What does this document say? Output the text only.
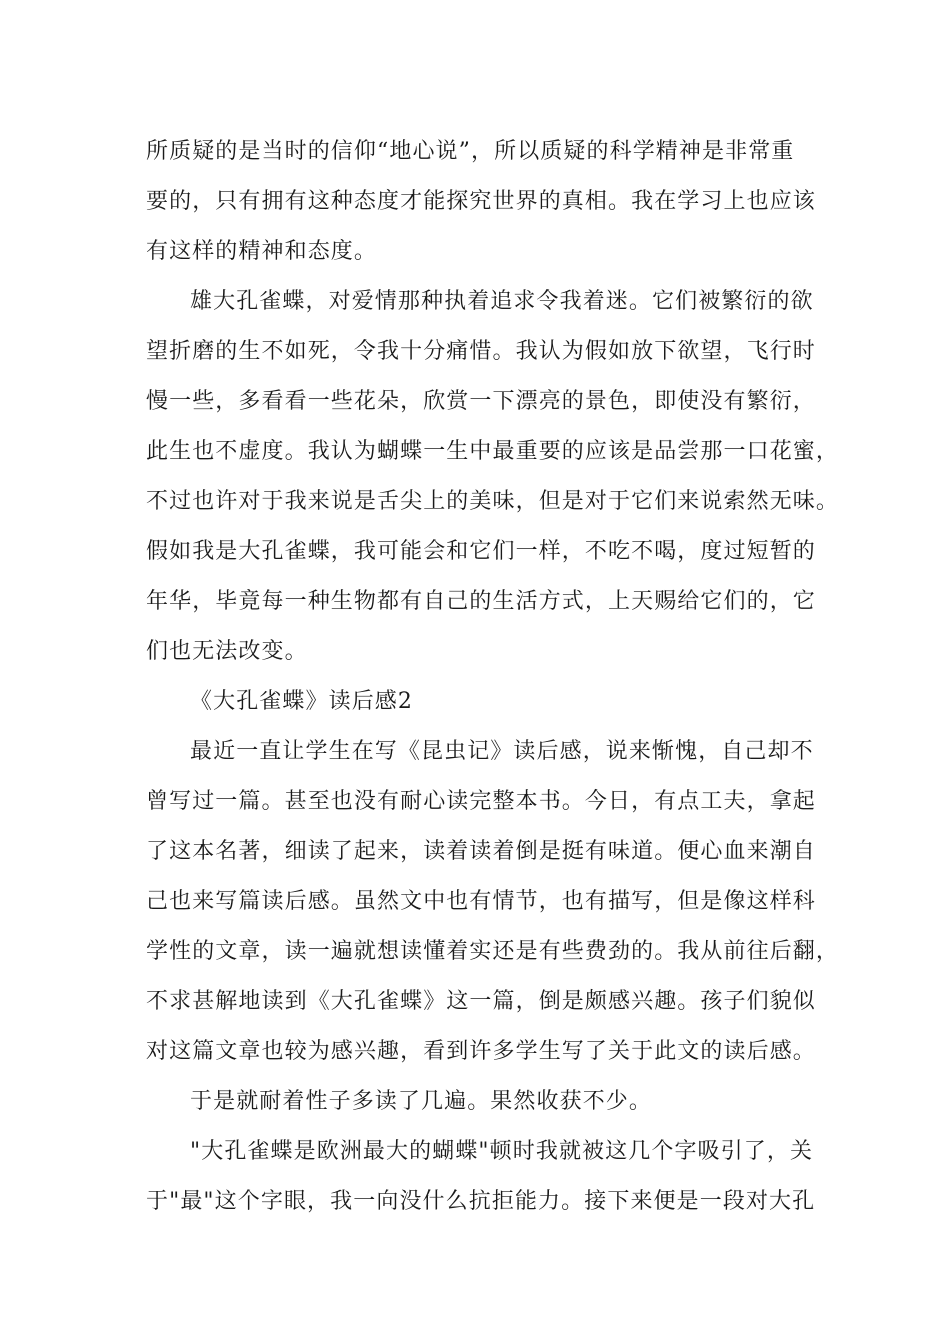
所质疑的是当时的信仰“地心说”，所以质疑的科学精神是非常重
要的，只有拥有这种态度才能探究世界的真相。我在学习上也应该
有这样的精神和态度。
雄大孔雀蝶，对爱情那种执着追求令我着迷。它们被繁衍的欲
望折磨的生不如死，令我十分痛惜。我认为假如放下欲望，飞行时
慢一些，多看看一些花朵，欣赏一下漂亮的景色，即使没有繁衍，
此生也不虚度。我认为蝴蝶一生中最重要的应该是品尝那一口花蜜，
不过也许对于我来说是舌尖上的美味，但是对于它们来说索然无味。
假如我是大孔雀蝶，我可能会和它们一样，不吃不喝，度过短暂的
年华，毕竟每一种生物都有自己的生活方式，上天赐给它们的，它
们也无法改变。
《大孔雀蝶》读后感2
最近一直让学生在写《昆虫记》读后感，说来惭愧，自己却不
曾写过一篇。甚至也没有耐心读完整本书。今日，有点工夫，拿起
了这本名著，细读了起来，读着读着倒是挺有味道。便心血来潮自
己也来写篇读后感。虽然文中也有情节，也有描写，但是像这样科
学性的文章，读一遍就想读懂着实还是有些费劲的。我从前往后翻，
不求甚解地读到《大孔雀蝶》这一篇，倒是颇感兴趣。孩子们貌似
对这篇文章也较为感兴趣，看到许多学生写了关于此文的读后感。
于是就耐着性子多读了几遍。果然收获不少。
"大孔雀蝶是欧洲最大的蝴蝶"顿时我就被这几个字吸引了，关
于"最"这个字眼，我一向没什么抗拒能力。接下来便是一段对大孔
